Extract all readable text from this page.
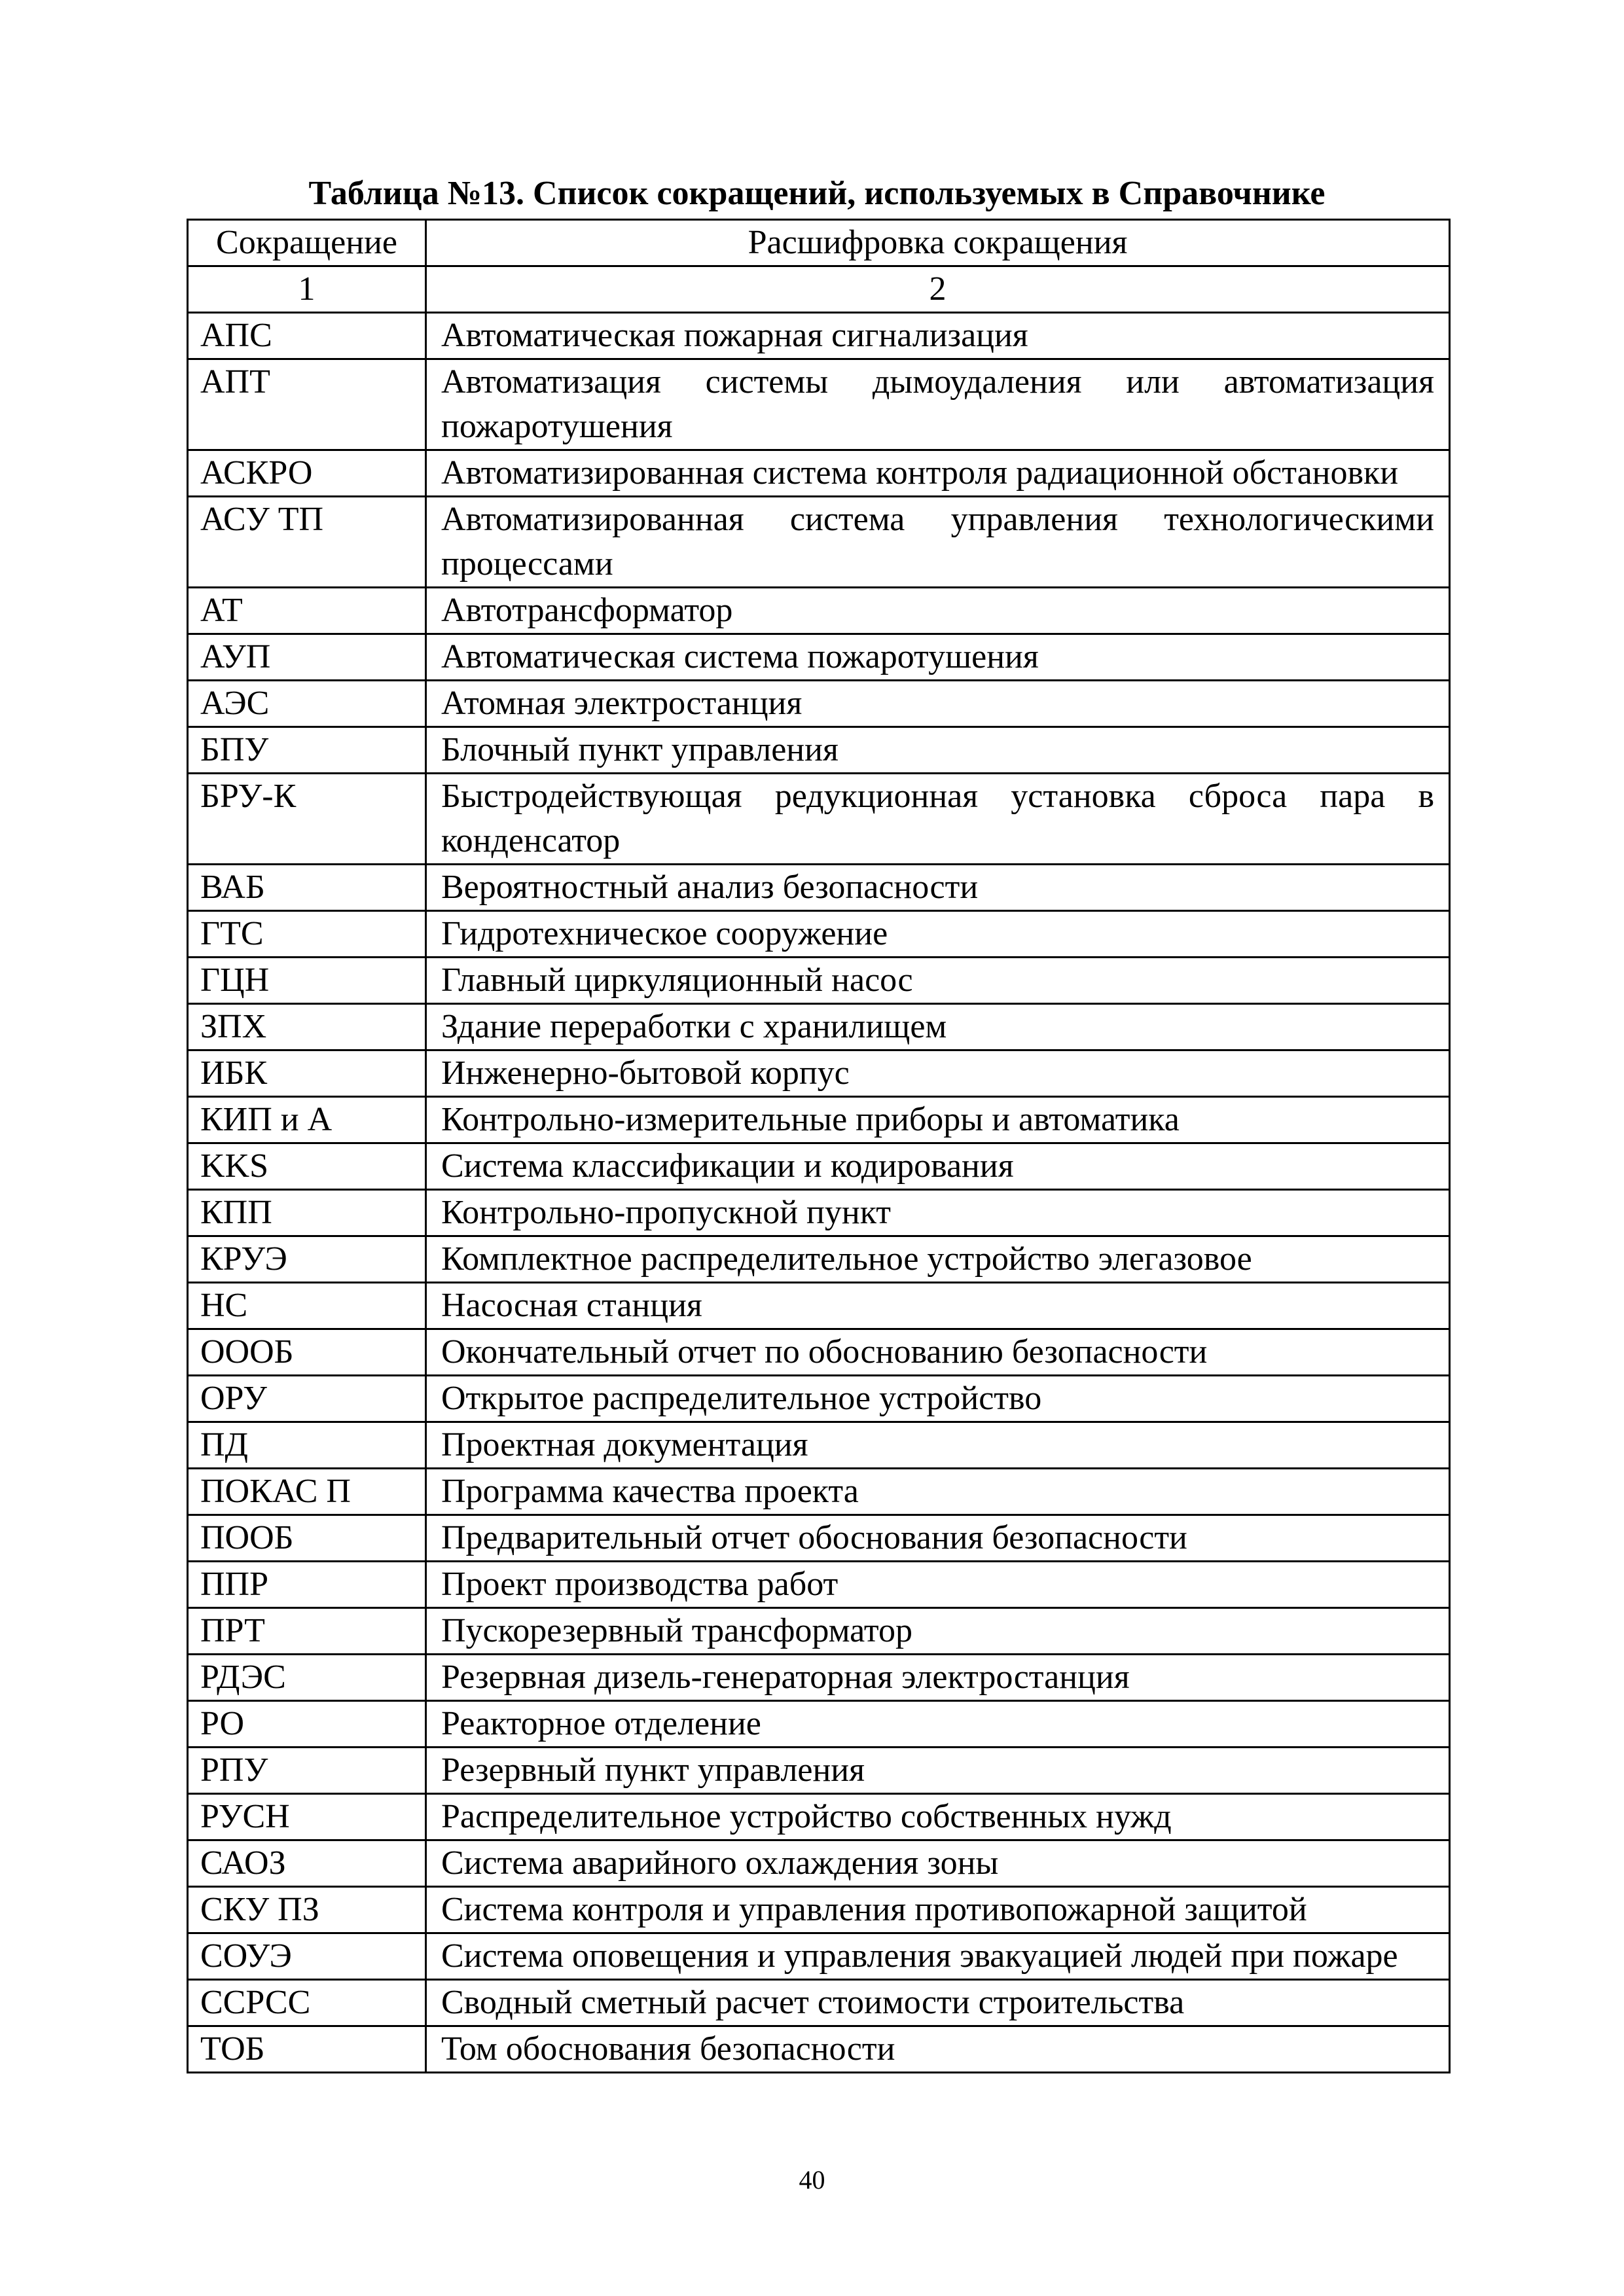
Таблица №13. Список сокращений, используемых в Справочнике
Сокращение	Расшифровка сокращения
1	2
АПС	Автоматическая пожарная сигнализация
АПТ	Автоматизация системы дымоудаления или автоматизация пожаротушения
АСКРО	Автоматизированная система контроля радиационной обстановки
АСУ ТП	Автоматизированная система управления технологическими процессами
АТ	Автотрансформатор
АУП	Автоматическая система пожаротушения
АЭС	Атомная электростанция
БПУ	Блочный пункт управления
БРУ-К	Быстродействующая редукционная установка сброса пара в конденсатор
ВАБ	Вероятностный анализ безопасности
ГТС	Гидротехническое сооружение
ГЦН	Главный циркуляционный насос
ЗПХ	Здание переработки с хранилищем
ИБК	Инженерно-бытовой корпус
КИП и А	Контрольно-измерительные приборы и автоматика
KKS	Система классификации и кодирования
КПП	Контрольно-пропускной пункт
КРУЭ	Комплектное распределительное устройство элегазовое
НС	Насосная станция
ОООБ	Окончательный отчет по обоснованию безопасности
ОРУ	Открытое распределительное устройство
ПД	Проектная документация
ПОКАС П	Программа качества проекта
ПООБ	Предварительный отчет обоснования безопасности
ППР	Проект производства работ
ПРТ	Пускорезервный трансформатор
РДЭС	Резервная дизель-генераторная электростанция
РО	Реакторное отделение
РПУ	Резервный пункт управления
РУСН	Распределительное устройство собственных нужд
САОЗ	Система аварийного охлаждения зоны
СКУ ПЗ	Система контроля и управления противопожарной защитой
СОУЭ	Система оповещения и управления эвакуацией людей при пожаре
ССРСС	Сводный сметный расчет стоимости строительства
ТОБ	Том обоснования безопасности
40
